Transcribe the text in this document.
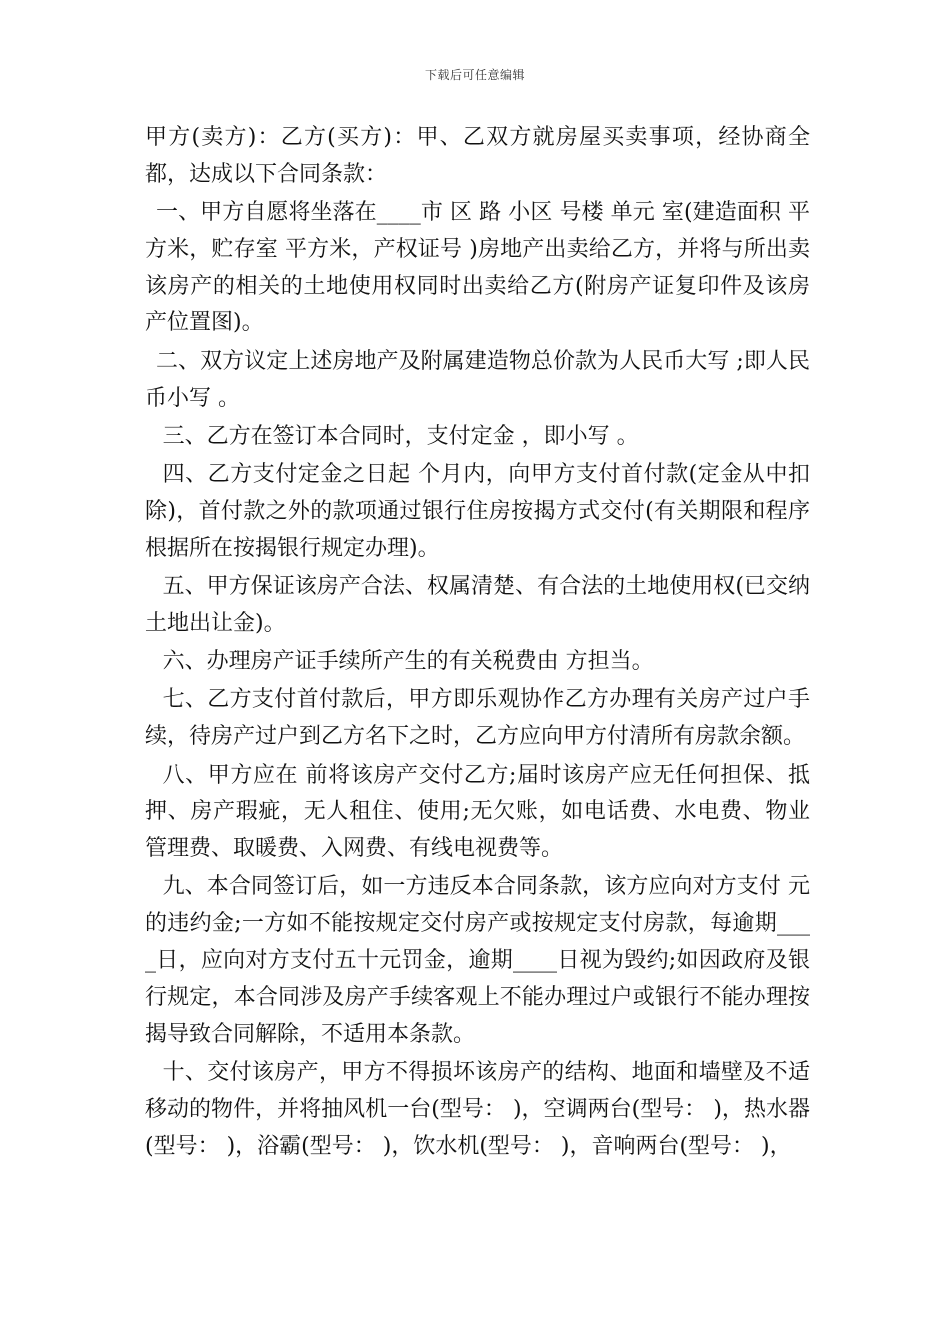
下载后可任意编辑

甲方(卖方)：乙方(买方)：甲、乙双方就房屋买卖事项，经协商全都，达成以下合同条款：

一、甲方自愿将坐落在____市 区 路 小区 号楼 单元 室(建造面积 平方米，贮存室 平方米，产权证号 )房地产出卖给乙方，并将与所出卖该房产的相关的土地使用权同时出卖给乙方(附房产证复印件及该房产位置图)。

二、双方议定上述房地产及附属建造物总价款为人民币大写 ;即人民币小写 。

三、乙方在签订本合同时，支付定金 ，即小写 。

四、乙方支付定金之日起 个月内，向甲方支付首付款(定金从中扣除)，首付款之外的款项通过银行住房按揭方式交付(有关期限和程序根据所在按揭银行规定办理)。

五、甲方保证该房产合法、权属清楚、有合法的土地使用权(已交纳土地出让金)。

六、办理房产证手续所产生的有关税费由 方担当。

七、乙方支付首付款后，甲方即乐观协作乙方办理有关房产过户手续，待房产过户到乙方名下之时，乙方应向甲方付清所有房款余额。

八、甲方应在 前将该房产交付乙方;届时该房产应无任何担保、抵押、房产瑕疵，无人租住、使用;无欠账，如电话费、水电费、物业管理费、取暖费、入网费、有线电视费等。

九、本合同签订后，如一方违反本合同条款，该方应向对方支付 元的违约金;一方如不能按规定交付房产或按规定支付房款，每逾期____日，应向对方支付五十元罚金，逾期____日视为毁约;如因政府及银行规定，本合同涉及房产手续客观上不能办理过户或银行不能办理按揭导致合同解除，不适用本条款。

十、交付该房产，甲方不得损坏该房产的结构、地面和墙壁及不适移动的物件，并将抽风机一台(型号： )，空调两台(型号： )，热水器(型号： )，浴霸(型号： )，饮水机(型号： )，音响两台(型号： )，
